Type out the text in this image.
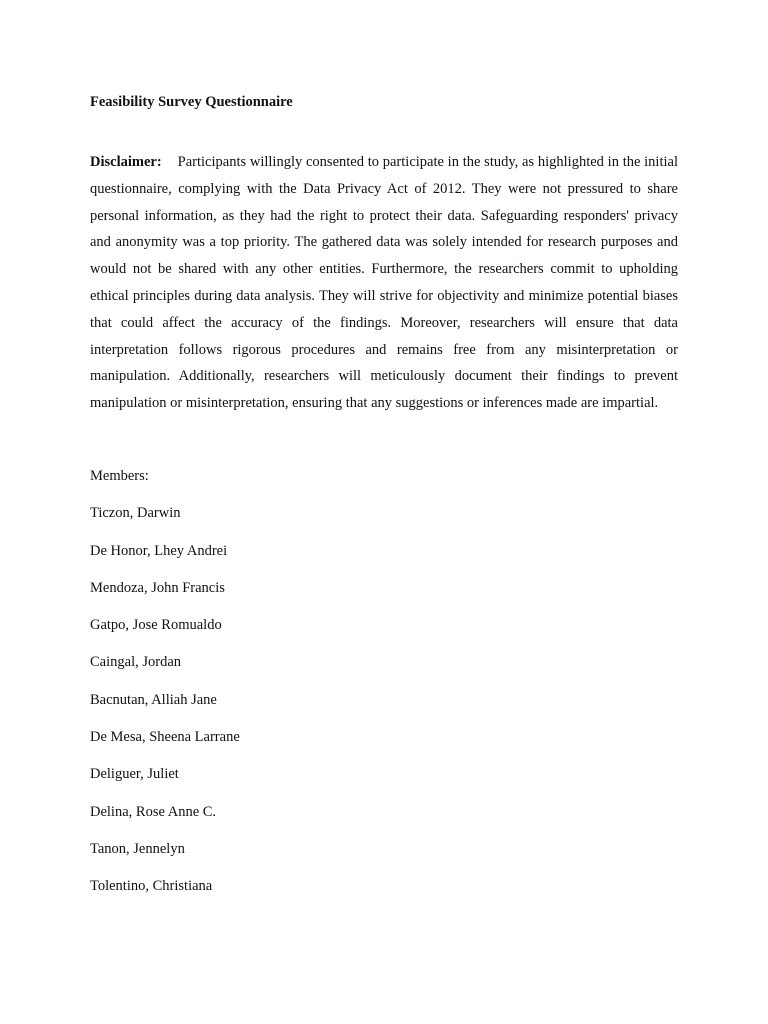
Feasibility Survey Questionnaire

Disclaimer: Participants willingly consented to participate in the study, as highlighted in the initial questionnaire, complying with the Data Privacy Act of 2012. They were not pressured to share personal information, as they had the right to protect their data. Safeguarding responders' privacy and anonymity was a top priority. The gathered data was solely intended for research purposes and would not be shared with any other entities. Furthermore, the researchers commit to upholding ethical principles during data analysis. They will strive for objectivity and minimize potential biases that could affect the accuracy of the findings. Moreover, researchers will ensure that data interpretation follows rigorous procedures and remains free from any misinterpretation or manipulation. Additionally, researchers will meticulously document their findings to prevent manipulation or misinterpretation, ensuring that any suggestions or inferences made are impartial.

Members:
Ticzon, Darwin
De Honor, Lhey Andrei
Mendoza, John Francis
Gatpo, Jose Romualdo
Caingal, Jordan
Bacnutan, Alliah Jane
De Mesa, Sheena Larrane
Deliguer, Juliet
Delina, Rose Anne C.
Tanon, Jennelyn
Tolentino, Christiana
